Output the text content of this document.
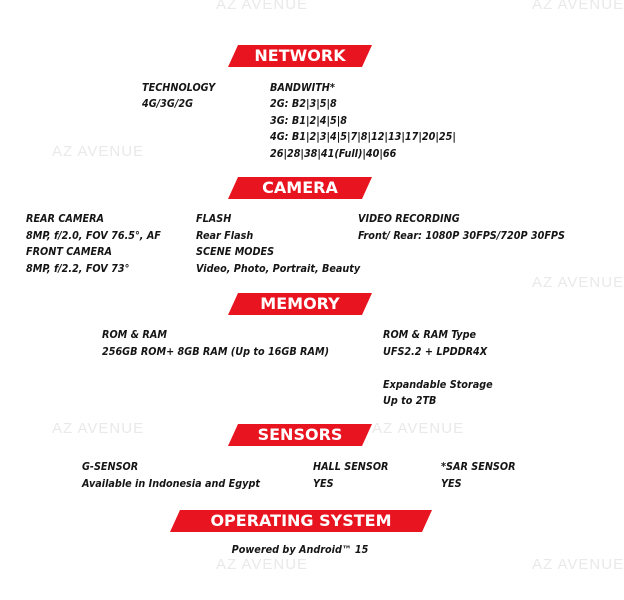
AZ AVENUE	AZ AVENUE
AZ AVENUE
AZ AVENUE
AZ AVENUE	AZ AVENUE
AZ AVENUE	AZ AVENUE
NETWORK
TECHNOLOGY
4G/3G/2G
BANDWITH*
2G: B2|3|5|8
3G: B1|2|4|5|8
4G: B1|2|3|4|5|7|8|12|13|17|20|25|
26|28|38|41(Full)|40|66
CAMERA
REAR CAMERA
8MP, f/2.0, FOV 76.5°, AF
FRONT CAMERA
8MP, f/2.2, FOV 73°
FLASH
Rear Flash
SCENE MODES
Video, Photo, Portrait, Beauty
VIDEO RECORDING
Front/ Rear: 1080P 30FPS/720P 30FPS
MEMORY
ROM & RAM
256GB ROM+ 8GB RAM (Up to 16GB RAM)
ROM & RAM Type
UFS2.2 + LPDDR4X
Expandable Storage
Up to 2TB
SENSORS
G-SENSOR
Available in Indonesia and Egypt
HALL SENSOR
YES
*SAR SENSOR
YES
OPERATING SYSTEM
Powered by Android™ 15
